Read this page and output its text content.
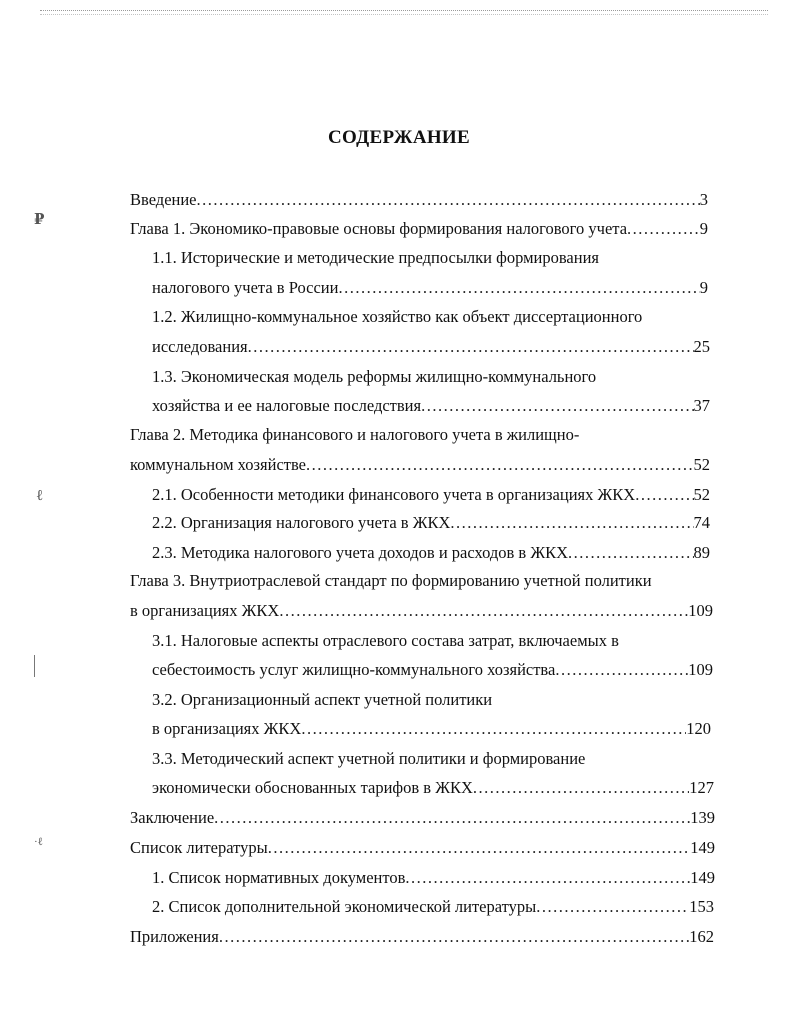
₽
ℓ
·ℓ
СОДЕРЖАНИЕ
Введение .....	3
Глава 1. Экономико-правовые основы формирования налогового учета .....	9
1.1. Исторические и методические предпосылки формирования
налогового учета в России .....	9
1.2. Жилищно-коммунальное хозяйство как объект диссертационного
исследования .....	25
1.3. Экономическая модель реформы жилищно-коммунального
хозяйства и ее налоговые последствия .....	37
Глава 2. Методика финансового и налогового учета в жилищно-
коммунальном хозяйстве .....	52
2.1. Особенности методики финансового учета в организациях ЖКХ .....	52
2.2. Организация налогового учета в ЖКХ .....	74
2.3. Методика налогового учета доходов и расходов в ЖКХ .....	89
Глава 3. Внутриотраслевой стандарт по формированию учетной политики
в организациях ЖКХ .....	109
3.1. Налоговые аспекты отраслевого состава затрат, включаемых в
себестоимость услуг жилищно-коммунального хозяйства .....	109
3.2. Организационный аспект учетной политики
в организациях ЖКХ .....	120
3.3. Методический аспект учетной политики и формирование
экономически обоснованных тарифов в ЖКХ .....	127
Заключение .....	139
Список литературы .....	149
1. Список нормативных документов .....	149
2. Список дополнительной экономической литературы .....	153
Приложения .....	162
